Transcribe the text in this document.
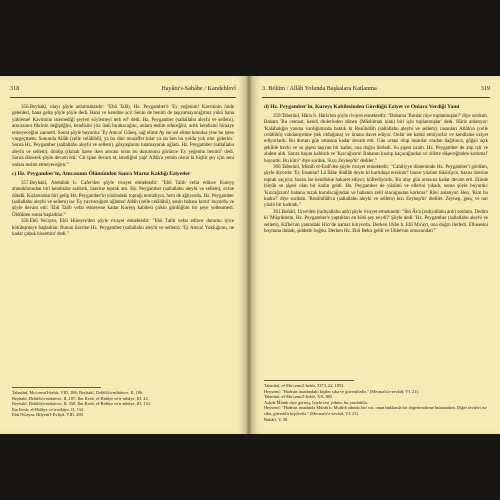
318	Hayâtu's-Sahâbe / Kandehlevî

356.Beyhakî, olayı şöyle anlatmaktadır: "Ebû Talib, Hz. Peygamber'e 'Ey yeğenim! Kavminin önde gelenleri, bana gelip şöyle şöyle dedi. Bana ve kendine acı! Senin de benim de taşıyamayacağımız yükü bana yükleme! Kavminin istemediği şeyleri söylemeyi terk et!' dedi. Hz. Peygamber (sallallahu aleyhi ve sellem), amcasının fikrinin değiştiğini, kendisini yüz üstü bırakacağını, onlara teslim edeceğini, artık kendisini himaye etmeyeceğini zannetti. Sonra şöyle buyurdu: 'Ey Amca! Güneş, sağ elime Ay ise sol elime konulsa yine bu işten vazgeçmem. Sonunda Allâh (celle celâlühû), ya bu dini muzaffer kılar ya da ben bu yolda yok olur giderim.' Sonra Hz. Peygamber (sallallahu aleyhi ve sellem), gözyaşlarını tutamayarak ağladı. Hz. Peygamber (sallallahu aleyhi ve sellem), dönüp çıkmak üzere iken amcası onun bu durumunu görünce 'Ey yeğenim benim!' dedi. Sonra dönerek şöyle devam etti: 'Git işine devam et, istediğini yap! Allâh'a yemin olsun ki hiçbir şey için seni onlara teslim etmeyeceğim.'"

c) Hz. Peygamber'in, Amcasının Ölümünden Sonra Maruz Kaldığı Eziyetler

357.Beyhakî, Abdullah b. Cafer'den şöyle rivayet etmektedir: "Ebû Talib vefat edince Kureyş ahmaklarından biri kendisine saldırdı, üzerine toprak attı. Hz. Peygamber (sallallahu aleyhi ve sellem), evine döndü. Kızlarından biri gelip Hz. Peygamber'in yüzündeki toprağı temizliyor, hem de ağlıyordu. Hz. Peygamber (sallallahu aleyhi ve sellem) ise 'Ey yavrucuğum ağlama! Allâh (celle celâlühû), senin babanı korur' buyurdu ve şöyle devam etti: 'Ebû Talib vefat etmeyene kadar Kureyş kabilesi çirkin gördüğüm bir şeye yeltenmedi. Öldükten sonra başladılar.'"

358.Ebû Nu'aym, Ebû Hüreyre'den şöyle rivayet etmektedir: "Ebû Talib vefat edince durumu iyice kötüleşmeye başladılar. Bunun üzerine Hz. Peygamber (sallallahu aleyhi ve sellem): 'Ey Amca! Yokluğunu, ne kadar çabuk hissettim' dedi."

Tabarânî, Mu'cemu'l-kebîr, VIII, 186; Beyhakî, Delâilü'n-nübüvve, II, 186.
Beyhakî, Delâilü'n-nübüvve, II, 187; İbn Kesîr, el-Bidâye ve'n-nihâye, III, 42.
Beyhakî, Delâilü'n-nübüvve, II, 350; İbn Kesîr, el-Bidâye ve'n-nihâye, III, 134.
İbn Kesîr, el-Bidâye ve'n-nihâye, II, 134.
Ebû Nu'aym, Hilyetü'l-Evliyâ, VIII, 308.
3. Bölüm / Allâh Yolunda Başkalara Katlanma	319
d) Hz. Peygamber'in, Kureyş Kabilesinden Gördüğü Eziyet ve Onlara Verdiği Yanıt

359.Taberânî, Hâris b. Hâris'ten şöyle rivayet etmektedir: "Babama 'Bunlar niye toplanmışlar?' diye sordum. Babam 'Bu cemaat, kendi dinlerinden dönen (Müslüman olan) biri için toplanmışlar' dedi. Hâris anlatıyor: 'Kalabalığın yanına vardığımızda baktık ki Resûlullâh (sallallahu aleyhi ve sellem), insanları Allâh'ın (celle celâlühû) vahdaniyetine (tek olduğuna) ve imana davet ediyor. Onlar ise kabul etmiyorlar ve kendisine eziyet ediyorlardı. Bu durum gün ortasına kadar devam etti. Gün ortası olup insanlar oradan dağılınca, göğsü açık şekilde bavlu ve su şişesi taşıyan bir kadın, ona doğru ilerledi. Su şişesi uzattı. Hz. Peygamber de alıp içti ve abdest aldı. Sonra başını kaldırdı ve 'Kızcağızım! Babanın kısılıp kaçacağından ve zillete düşeceğinden korkma!' buyurdu. Bu kim?' diye sorduk. 'Kızı Zeynep'tir' dediler."

360.Taberânî, Münîb el-Ezdî'den şöyle rivayet etmektedir: "Cahiliyye döneminde Hz. Peygamber'i gördüm, şöyle diyordu: 'Ey İnsanlar! Lâ İlâhe illallâh deyin ki kurtuluşa eresiniz!' bazısı yüzüne tükürüyor, bazısı üzerine toprak saçıyor, bazısı ise kendisine hakaret ediyor, küfrediyordu. Bu olay gün ortasına kadar devam etti. Elinde büyük su şişesi olan bir kadın geldi. Hz. Peygamber de yüzünü ve ellerini yıkadı, sonra şöyle buyurdu: 'Kızcağızım! babana tuzak kurulacağından ve babanın zelil olacağından korkma!' Râvi anlatıyor: Ben, 'Kim bu kadın?' diye sordum. 'Resûlullâh'ın (sallallahu aleyhi ve sellem) kızı Zeynep'tir' dediler. Zeynep, genç ve nur yüzlü bir kadındı."

361.Buhârî, Urve'den (radıyallahu anh) şöyle rivayet etmektedir: "İbn Âs'a (radıyallahu anh) sordum. Dedim ki 'Müşriklerin, Hz. Peygamber'e yaptıkları en kötü şey neydi?' Şöyle dedi: 'Hz. Peygamber (sallallahu aleyhi ve sellem), Kâ'be'nin yanındaki Hicr'de namaz kılıyordu. Derken Ukbe b. Ebî Mu'ayt, ona doğru ilerledi. Elbisesini boynuna doladı, şiddetle boğdu. Derken Hz. Ebû Bekir geldi ve Ukbe'nin omuzundan'"

Taberânî, el-Mu'cemu'l-kebîr, 3373, 22, 1052.
Heysemî: "Hadisin isnadındaki kişiler sika ve güvenilirdir." (Mecma'u'z-zevâid, VI, 21).
Taberânî, el-Mu'cemu'l-kebîr, XX, 805.
Aslıda Münib diye görmiş, böyle tesi yoktur, bu yazılabilir.
Heysemî: "Hadisin isnadında Münib b. Mudrik adında biri var, onun hakkında bir değerlendirme bulamadım. Diğer rävileri ise sika, güvenilir kişilerdir." (Mecma'u'z-zevâid, VI, 21).
Buhârî, V, 58.
